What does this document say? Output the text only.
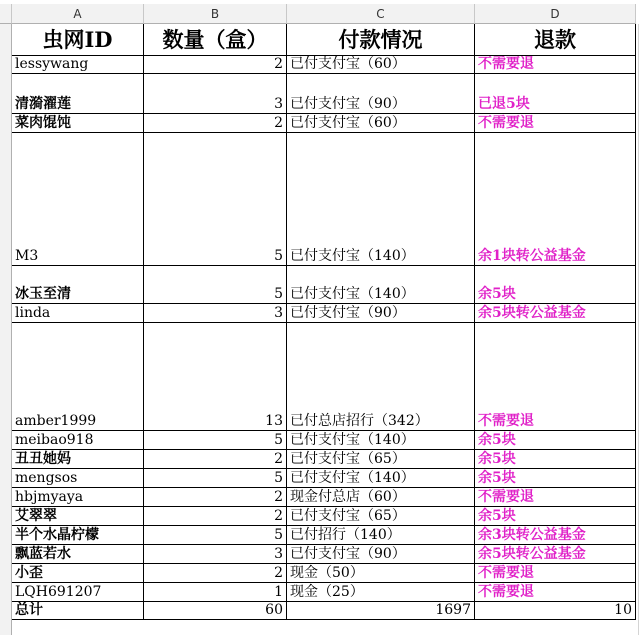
A	B	C	D
虫网ID	数量（盒）	付款情况	退款
lessywang	2 已付支付宝（60）	不需要退
清漪濯莲	3 已付支付宝（90）	已退5块
菜肉馄饨	2 已付支付宝（60）	不需要退
M3	5 已付支付宝（140）	余1块转公益基金
冰玉至清	5 已付支付宝（140）	余5块
linda	3 已付支付宝（90）	余5块转公益基金
amber1999	13 已付总店招行（342）	不需要退
meibao918	5 已付支付宝（140）	余5块
丑丑她妈	2 已付支付宝（65）	余5块
mengsos	5 已付支付宝（140）	余5块
hbjmyaya	2 现金付总店（60）	不需要退
艾翠翠	2 已付支付宝（65）	余5块
半个水晶柠檬	5 已付招行（140）	余3块转公益基金
飘蓝若水	3 已付支付宝（90）	余5块转公益基金
小歪	2 现金（50）	不需要退
LQH691207	1 现金（25）	不需要退
总计	60	1697	10
